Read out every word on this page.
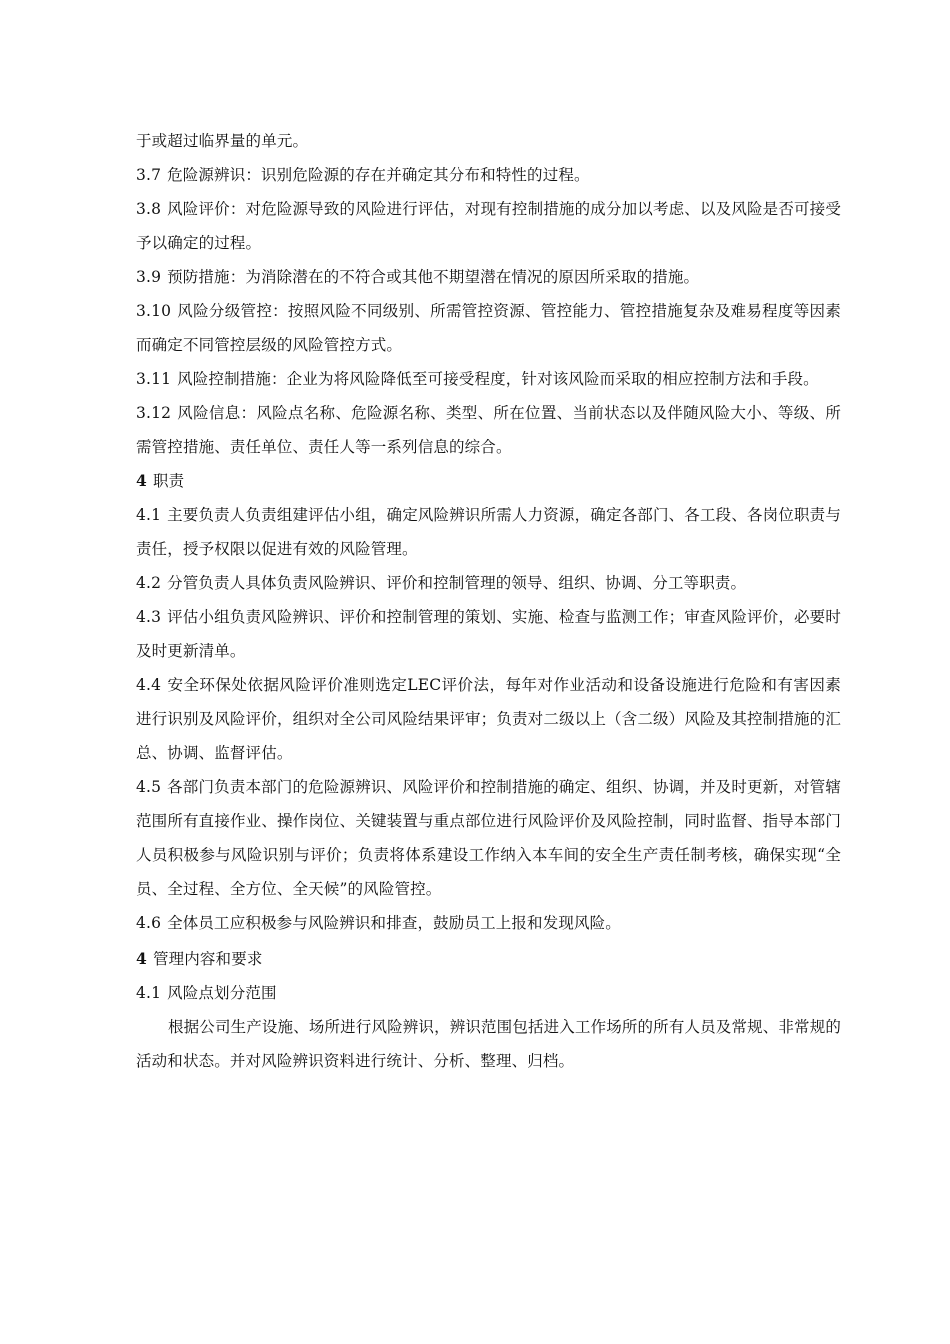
于或超过临界量的单元。

3.7 危险源辨识：识别危险源的存在并确定其分布和特性的过程。

3.8 风险评价：对危险源导致的风险进行评估，对现有控制措施的成分加以考虑、以及风险是否可接受予以确定的过程。

3.9 预防措施：为消除潜在的不符合或其他不期望潜在情况的原因所采取的措施。

3.10 风险分级管控：按照风险不同级别、所需管控资源、管控能力、管控措施复杂及难易程度等因素而确定不同管控层级的风险管控方式。

3.11 风险控制措施：企业为将风险降低至可接受程度，针对该风险而采取的相应控制方法和手段。

3.12 风险信息：风险点名称、危险源名称、类型、所在位置、当前状态以及伴随风险大小、等级、所需管控措施、责任单位、责任人等一系列信息的综合。

4 职责

4.1 主要负责人负责组建评估小组，确定风险辨识所需人力资源，确定各部门、各工段、各岗位职责与责任，授予权限以促进有效的风险管理。

4.2 分管负责人具体负责风险辨识、评价和控制管理的领导、组织、协调、分工等职责。

4.3 评估小组负责风险辨识、评价和控制管理的策划、实施、检查与监测工作；审查风险评价，必要时及时更新清单。

4.4 安全环保处依据风险评价准则选定LEC评价法，每年对作业活动和设备设施进行危险和有害因素进行识别及风险评价，组织对全公司风险结果评审；负责对二级以上（含二级）风险及其控制措施的汇总、协调、监督评估。

4.5 各部门负责本部门的危险源辨识、风险评价和控制措施的确定、组织、协调，并及时更新，对管辖范围所有直接作业、操作岗位、关键装置与重点部位进行风险评价及风险控制，同时监督、指导本部门人员积极参与风险识别与评价；负责将体系建设工作纳入本车间的安全生产责任制考核，确保实现“全员、全过程、全方位、全天候”的风险管控。

4.6 全体员工应积极参与风险辨识和排查，鼓励员工上报和发现风险。

4 管理内容和要求

4.1 风险点划分范围

根据公司生产设施、场所进行风险辨识，辨识范围包括进入工作场所的所有人员及常规、非常规的活动和状态。并对风险辨识资料进行统计、分析、整理、归档。
